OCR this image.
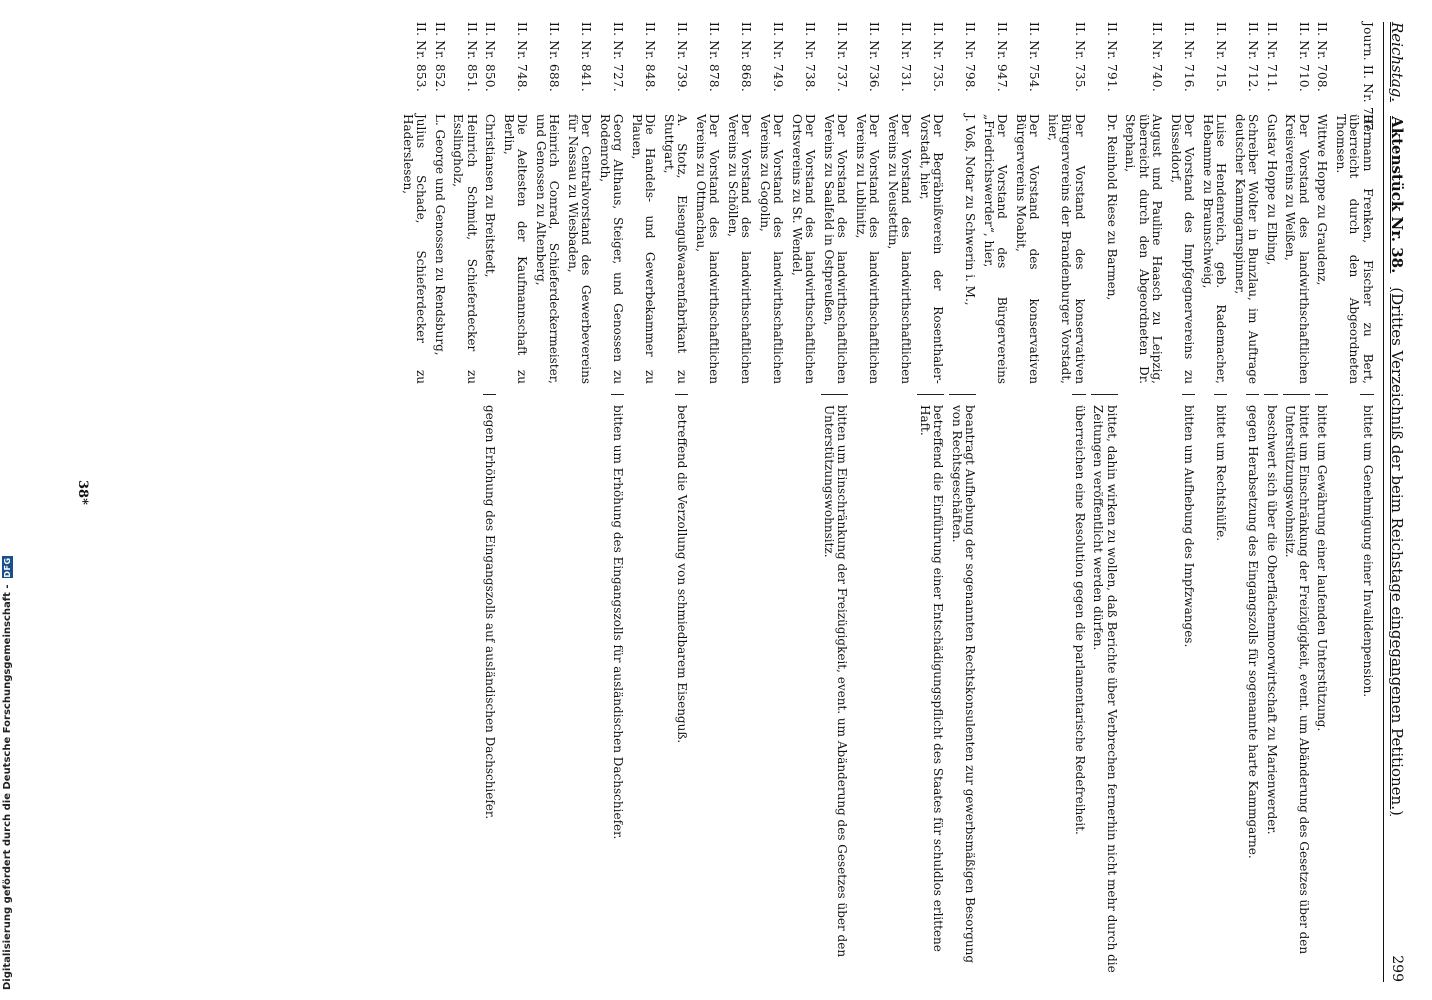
Digitalisierung gefördert durch die Deutsche Forschungsgemeinschaft -
DFG
Reichstag.
Aktenstück Nr. 38.
(Drittes Verzeichniß der beim Reichstage eingegangenen Petitionen.)
299
Journ. II. Nr. 707.
Hermann Frenken, Fischer zu Bert, überreicht durch den Abgeordneten Thomsen.
bittet um Genehmigung einer Invalidenpension.
II. Nr. 708.
Wittwe Hoppe zu Graudenz,
bittet um Gewährung einer laufenden Unterstützung.
II. Nr. 710.
Der Vorstand des landwirthschaftlichen Kreisvereins zu Weißen,
bittet um Einschränkung der Freizügigkeit, event. um Abänderung des Gesetzes über den Unterstützungswohnsitz.
II. Nr. 711.
Gustav Hoppe zu Elbing,
beschwert sich über die Oberflächenmoorwirtschaft zu Marienwerder.
II. Nr. 712.
Schreiber Wolter in Bunzlau, im Auftrage deutscher Kammgarnspinner,
gegen Herabsetzung des Eingangszolls für sogenannte harte Kammgarne.
II. Nr. 715.
Luise Hendenreich, geb. Rademacher, Hebamme zu Braunschweig,
bittet um Rechtshülfe.
II. Nr. 716.
Der Vorstand des Impfgegnervereins zu Düsseldorf,
bitten um Aufhebung des Impfzwanges.
II. Nr. 740.
August und Pauline Haasch zu Leipzig, überreicht durch den Abgeordneten Dr. Stephani,
II. Nr. 791.
Dr. Reinhold Riese zu Barmen,
bittet, dahin wirken zu wollen, daß Berichte über Verbrechen fernerhin nicht mehr durch die Zeitungen veröffentlicht werden dürfen.
II. Nr. 735.
Der Vorstand des konservativen Bürgervereins der Brandenburger Vorstadt, hier,
überreichen eine Resolution gegen die parlamentarische Redefreiheit.
II. Nr. 754.
Der Vorstand des konservativen Bürgervereins Moabit,
II. Nr. 947.
Der Vorstand des Bürgervereins „Friedrichswerder“, hier,
II. Nr. 798.
J. Voß, Notar zu Schwerin i. M.,
beantragt Aufhebung der sogenannten Rechtskonsulenten zur gewerbsmäßigen Besorgung von Rechtsgeschäften.
II. Nr. 735.
Der Begräbnißverein der Rosenthaler-Vorstadt, hier,
betreffend die Einführung einer Entschädigungspflicht des Staates für schuldlos erlittene Haft.
II. Nr. 731.
Der Vorstand des landwirthschaftlichen Vereins zu Neustettin,
II. Nr. 736.
Der Vorstand des landwirthschaftlichen Vereins zu Lublinitz,
II. Nr. 737.
Der Vorstand des landwirthschaftlichen Vereins zu Saalfeld in Ostpreußen,
bitten um Einschränkung der Freizügigkeit, event. um Abänderung des Gesetzes über den Unterstützungswohnsitz.
II. Nr. 738.
Der Vorstand des landwirthschaftlichen Ortsvereins zu St. Wendel,
II. Nr. 749.
Der Vorstand des landwirthschaftlichen Vereins zu Gogolin,
II. Nr. 868.
Der Vorstand des landwirthschaftlichen Vereins zu Schöllen,
II. Nr. 878.
Der Vorstand des landwirthschaftlichen Vereins zu Ottmachau,
II. Nr. 739.
A. Stotz, Eisengußwaarenfabrikant zu Stuttgart,
betreffend die Verzollung von schmiedbarem Eisenguß.
II. Nr. 848.
Die Handels- und Gewerbekammer zu Plauen,
II. Nr. 727.
Georg Althaus, Steiger, und Genossen zu Rodenroth,
bitten um Erhöhung des Eingangszolls für ausländischen Dachschiefer.
II. Nr. 841.
Der Centralvorstand des Gewerbevereins für Nassau zu Wiesbaden,
II. Nr. 688.
Heinrich Conrad, Schieferdeckermeister, und Genossen zu Altenberg,
II. Nr. 748.
Die Aeltesten der Kaufmannschaft zu Berlin,
II. Nr. 850.
Christiansen zu Breitstedt,
gegen Erhöhung des Eingangszolls auf ausländischen Dachschiefer.
II. Nr. 851.
Heinrich Schmidt, Schieferdecker zu Esslingholz,
II. Nr. 852.
L. George und Genossen zu Rendsburg,
II. Nr. 853.
Julius Schade, Schieferdecker zu Haderslesen,
38*
